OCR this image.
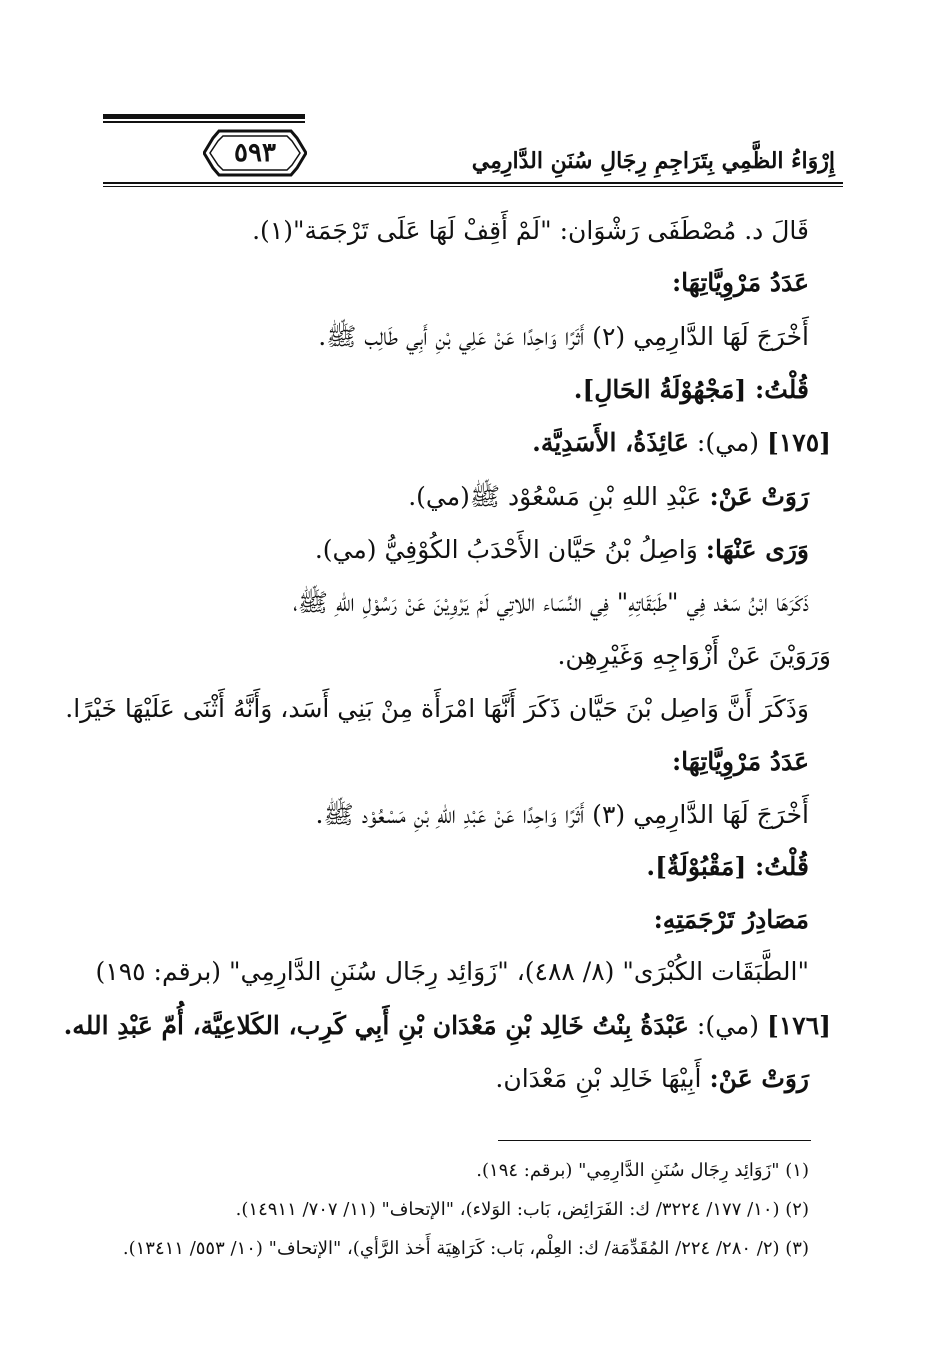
٥٩٣	إِرْوَاءُ الظَّمِي بِتَرَاجِمِ رِجَالِ سُنَنِ الدَّارِمِي
قَالَ د. مُصْطَفَى رَشْوَان: "لَمْ أَقِفْ لَهَا عَلَى تَرْجَمَة"(١).
عَدَدُ مَرْوِيَّاتِهَا:
أَخْرَجَ لَهَا الدَّارِمِي (٢) أَثَرًا وَاحِدًا عَنْ عَلِي بْنِ أَبِي طَالِب ﷺ.
قُلْتُ: [مَجْهُوْلَةُ الحَالِ].
[١٧٥] (مي): عَائِذَةُ، الأَسَدِيَّة.
رَوَتْ عَنْ: عَبْدِ اللهِ بْنِ مَسْعُوْد ﷺ(مي).
وَرَى عَنْهَا: وَاصِلُ بْنُ حَيَّان الأَحْدَبُ الكُوْفِيُّ (مي).
ذَكَرَهَا ابْنُ سَعْد فِي "طَبَقَاتِهِ" فِي النِّسَاء اللاتِي لَمْ يَرْوِيْنَ عَنْ رَسُوْلِ اللهِ ﷺ،
وَرَوَيْنَ عَنْ أَزْوَاجِهِ وَغَيْرِهِن.
وَذَكَرَ أَنَّ وَاصِل بْنَ حَيَّان ذَكَرَ أَنَّهَا امْرَأَة مِنْ بَنِي أَسَد، وَأَنَّهُ أَثْنَى عَلَيْهَا خَيْرًا.
عَدَدُ مَرْوِيَّاتِهَا:
أَخْرَجَ لَهَا الدَّارِمِي (٣) أَثَرًا وَاحِدًا عَنْ عَبْدِ اللهِ بْنِ مَسْعُوْد ﷺ.
قُلْتُ: [مَقْبُوْلَةٌ].
مَصَادِرُ تَرْجَمَتِهِ:
"الطَّبَقَات الكُبْرَى" (٨/ ٤٨٨)، "زَوَائِد رِجَال سُنَنِ الدَّارِمِي" (برقم: ١٩٥)
[١٧٦] (مي): عَبْدَةُ بِنْتُ خَالِد بْنِ مَعْدَان بْنِ أَبِي كَرِب، الكَلاعِيَّة، أُمّ عَبْدِ الله.
رَوَتْ عَنْ: أَبِيْهَا خَالِد بْنِ مَعْدَان.
(١) "زَوَائِد رِجَال سُنَنِ الدَّارِمِي" (برقم: ١٩٤).
(٢) (١٠/ ١٧٧/ ٣٢٢٤/ ك: الفَرَائِض، بَاب: الوَلاء)، "الإتحاف" (١١/ ٧٠٧/ ١٤٩١١).
(٣) (٢/ ٢٨٠/ ٢٢٤/ المُقَدِّمَة/ ك: العِلْم، بَاب: كَرَاهِيَة أَخذ الرَّأي)، "الإتحاف" (١٠/ ٥٥٣/ ١٣٤١١).
